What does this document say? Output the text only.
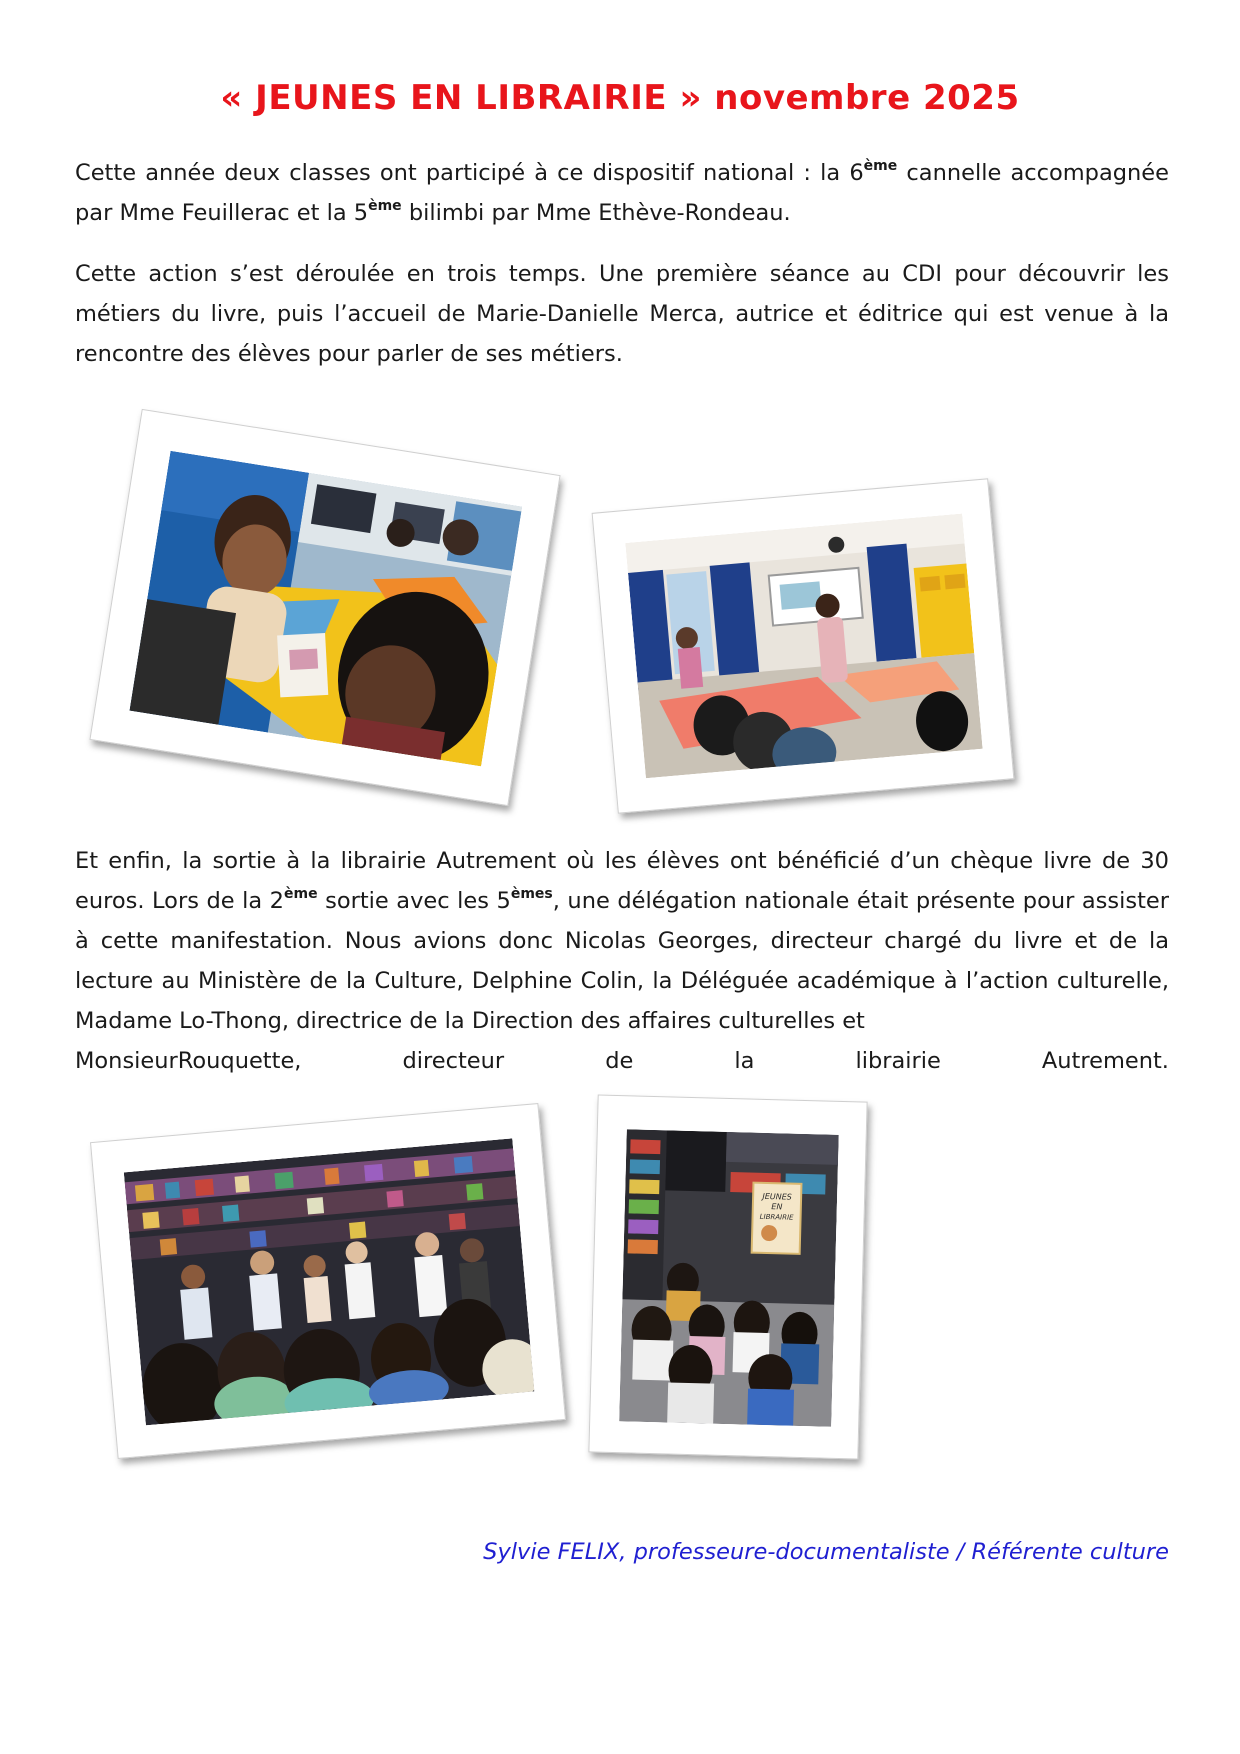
« JEUNES EN LIBRAIRIE » novembre 2025

Cette année deux classes ont participé à ce dispositif national : la 6ème cannelle accompagnée par Mme Feuillerac et la 5ème bilimbi par Mme Ethève-Rondeau.

Cette action s’est déroulée en trois temps. Une première séance au CDI pour découvrir les métiers du livre, puis l’accueil de Marie-Danielle Merca, autrice et éditrice qui est venue à la rencontre des élèves pour parler de ses métiers.

Et enfin, la sortie à la librairie Autrement où les élèves ont bénéficié d’un chèque livre de 30 euros. Lors de la 2ème sortie avec les 5èmes, une délégation nationale était présente pour assister à cette manifestation. Nous avions donc Nicolas Georges, directeur chargé du livre et de la lecture au Ministère de la Culture, Delphine Colin, la Déléguée académique à l’action culturelle, Madame Lo-Thong, directrice de la Direction des affaires culturelles et
MonsieurRouquette,	directeur	de	la	librairie	Autrement.

JEUNES
EN
LIBRAIRIE

Sylvie FELIX, professeure-documentaliste / Référente culture
